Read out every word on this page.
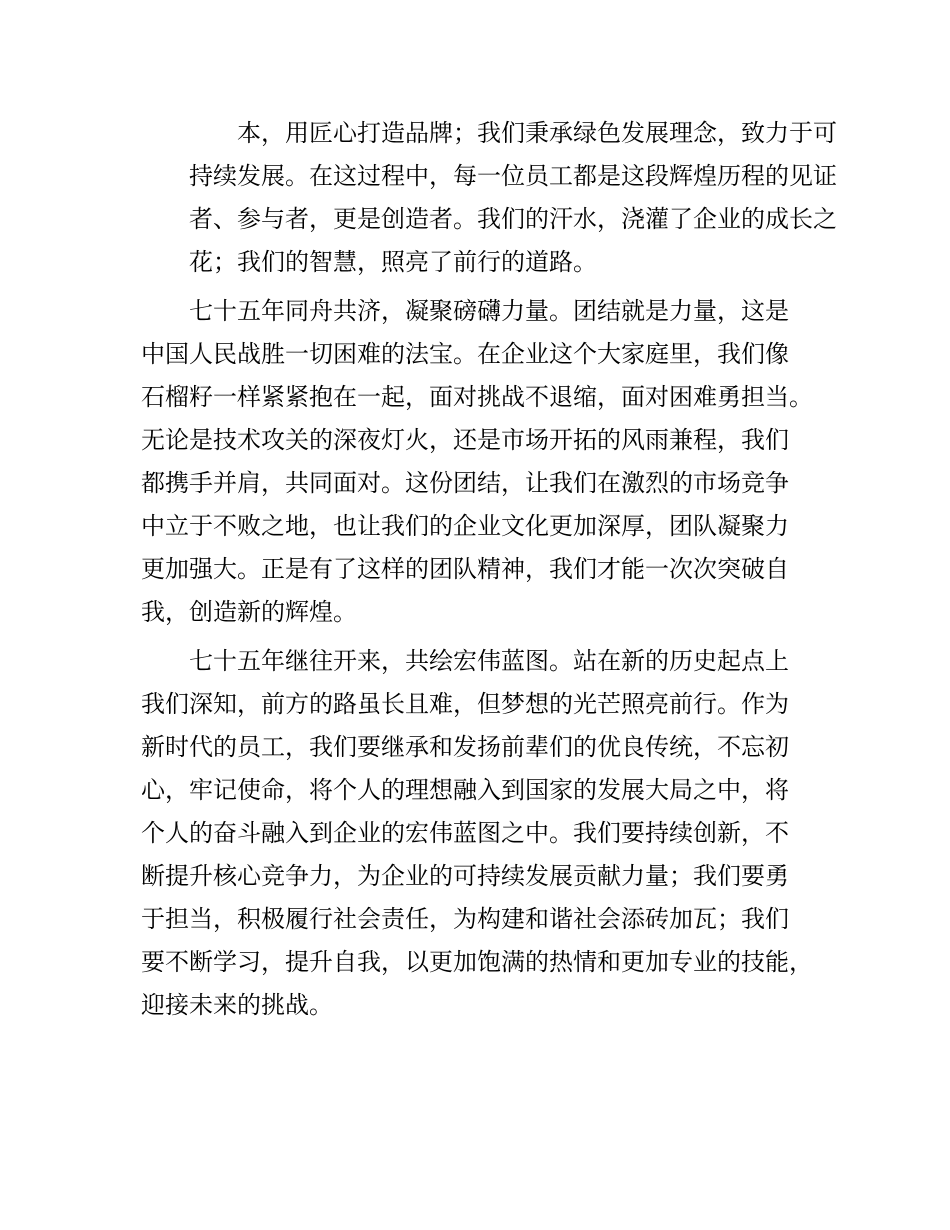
本，用匠心打造品牌；我们秉承绿色发展理念，致力于可
持续发展。在这过程中，每一位员工都是这段辉煌历程的见证
者、参与者，更是创造者。我们的汗水，浇灌了企业的成长之
花；我们的智慧，照亮了前行的道路。

七十五年同舟共济，凝聚磅礴力量。团结就是力量，这是
中国人民战胜一切困难的法宝。在企业这个大家庭里，我们像
石榴籽一样紧紧抱在一起，面对挑战不退缩，面对困难勇担当。
无论是技术攻关的深夜灯火，还是市场开拓的风雨兼程，我们
都携手并肩，共同面对。这份团结，让我们在激烈的市场竞争
中立于不败之地，也让我们的企业文化更加深厚，团队凝聚力
更加强大。正是有了这样的团队精神，我们才能一次次突破自
我，创造新的辉煌。

七十五年继往开来，共绘宏伟蓝图。站在新的历史起点上
我们深知，前方的路虽长且难，但梦想的光芒照亮前行。作为
新时代的员工，我们要继承和发扬前辈们的优良传统，不忘初
心，牢记使命，将个人的理想融入到国家的发展大局之中，将
个人的奋斗融入到企业的宏伟蓝图之中。我们要持续创新，不
断提升核心竞争力，为企业的可持续发展贡献力量；我们要勇
于担当，积极履行社会责任，为构建和谐社会添砖加瓦；我们
要不断学习，提升自我，以更加饱满的热情和更加专业的技能，
迎接未来的挑战。
